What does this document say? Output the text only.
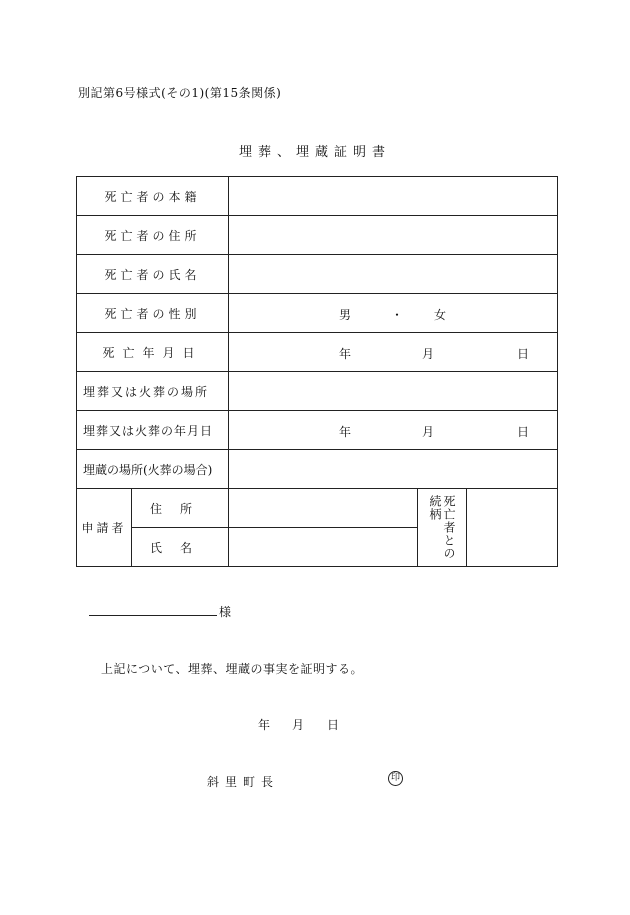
別記第6号様式(その1)(第15条関係)
埋葬、埋蔵証明書
死亡者の本籍				
死亡者の住所				
死亡者の氏名				
死亡者の性別		男 ・ 女		

死亡年月日		年 月 日		

埋葬又は火葬の場所				
埋葬又は火葬の年月日		年 月 日		

埋蔵の場所(火葬の場合)				
申請者	住所		死亡者との続柄	

	氏名			
様
上記について、埋葬、埋蔵の事実を証明する。
年 月 日
斜里町長	印
